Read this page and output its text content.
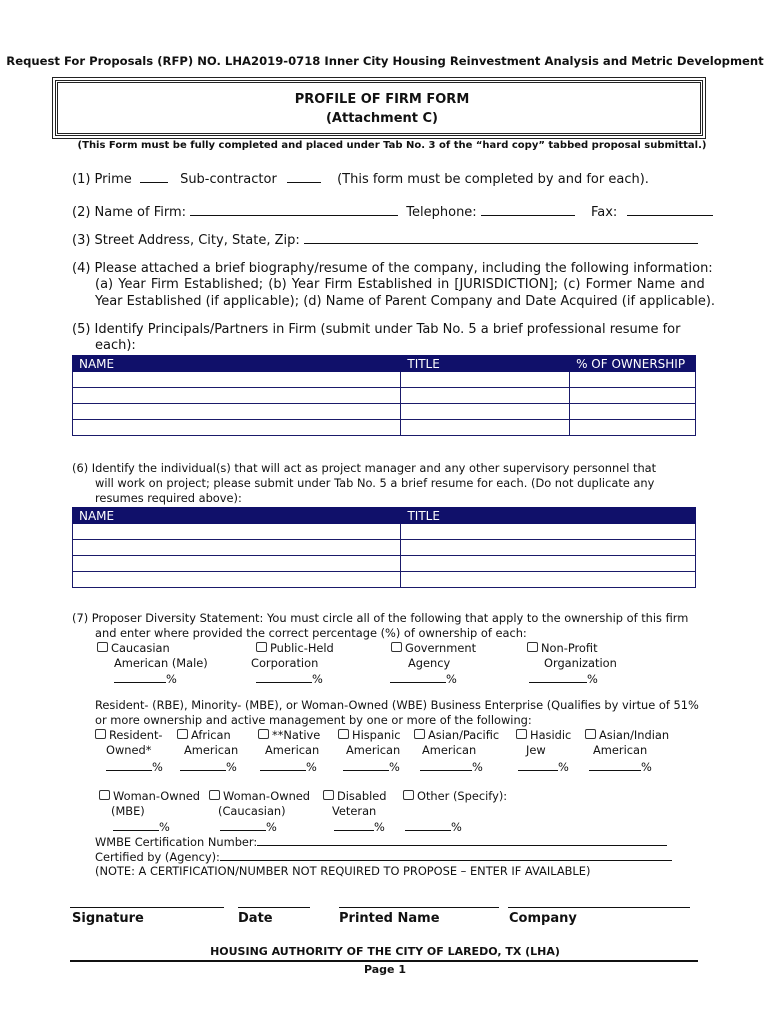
Request For Proposals (RFP) NO. LHA2019-0718 Inner City Housing Reinvestment Analysis and Metric Development
PROFILE OF FIRM FORM
(Attachment C)
(This Form must be fully completed and placed under Tab No. 3 of the “hard copy” tabbed proposal submittal.)
(1) Prime	Sub-contractor	(This form must be completed by and for each).
(2) Name of Firm:	Telephone:	Fax:
(3) Street Address, City, State, Zip:
(4) Please attached a brief biography/resume of the company, including the following information:
(a) Year Firm Established; (b) Year Firm Established in [JURISDICTION]; (c) Former Name and
Year Established (if applicable); (d) Name of Parent Company and Date Acquired (if applicable).
(5) Identify Principals/Partners in Firm (submit under Tab No. 5 a brief professional resume for
each):
NAME	TITLE	% OF OWNERSHIP

(6) Identify the individual(s) that will act as project manager and any other supervisory personnel that
will work on project; please submit under Tab No. 5 a brief resume for each. (Do not duplicate any
resumes required above):
NAME	TITLE

(7) Proposer Diversity Statement: You must circle all of the following that apply to the ownership of this firm
and enter where provided the correct percentage (%) of ownership of each:
Caucasian
American (Male)
%
Public-Held
Corporation
%
Government
Agency
%
Non-Profit
Organization
%
Resident- (RBE), Minority- (MBE), or Woman-Owned (WBE) Business Enterprise (Qualifies by virtue of 51%
or more ownership and active management by one or more of the following:
Resident-
Owned*
%
African
American
%
**Native
American
%
Hispanic
American
%
Asian/Pacific
American
%
Hasidic
Jew
%
Asian/Indian
American
%
Woman-Owned
(MBE)
%
Woman-Owned
(Caucasian)
%
Disabled
Veteran
%
Other (Specify):
%
WMBE Certification Number:
Certified by (Agency):
(NOTE: A CERTIFICATION/NUMBER NOT REQUIRED TO PROPOSE – ENTER IF AVAILABLE)
Signature	Date	Printed Name	Company
HOUSING AUTHORITY OF THE CITY OF LAREDO, TX (LHA)
Page 1
